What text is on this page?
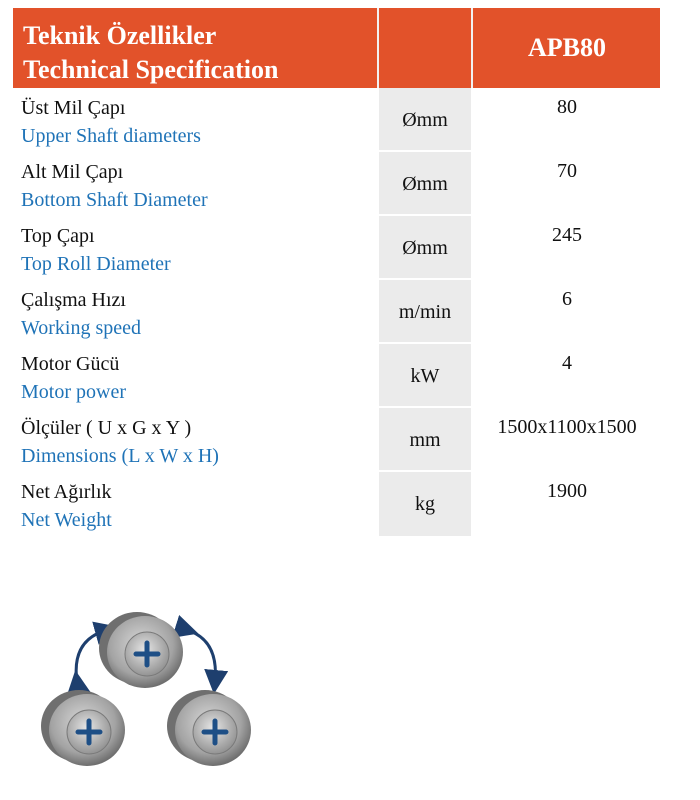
Teknik Özellikler
Technical Specification
APB80
Üst Mil Çapı
Upper Shaft diameters
Ømm
80
Alt Mil Çapı
Bottom Shaft Diameter
Ømm
70
Top Çapı
Top Roll Diameter
Ømm
245
Çalışma Hızı
Working speed
m/min
6
Motor Gücü
Motor power
kW
4
Ölçüler ( U x G x Y )
Dimensions (L x W x H)
mm
1500x1100x1500
Net Ağırlık
Net Weight
kg
1900
